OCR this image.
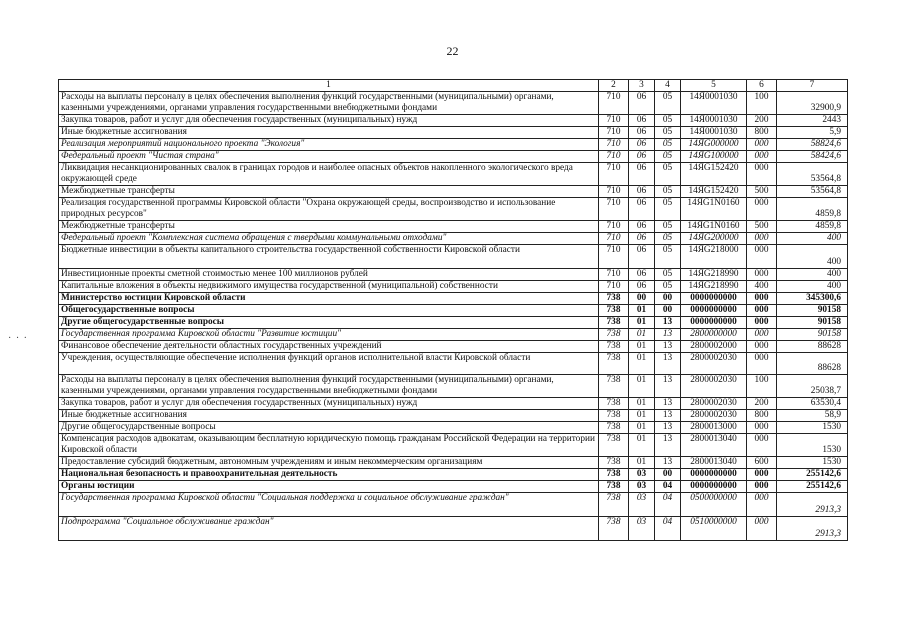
22
· · ·
1	2	3	4	5	6	7
Расходы на выплаты персоналу в целях обеспечения выполнения функций государственными (муниципальными) органами, казенными учреждениями, органами управления государственными внебюджетными фондами	710	06	05	14Я0001030	100	32900,9
Закупка товаров, работ и услуг для обеспечения государственных (муниципальных) нужд	710	06	05	14Я0001030	200	2443
Иные бюджетные ассигнования	710	06	05	14Я0001030	800	5,9
Реализация мероприятий национального проекта "Экология"	710	06	05	14ЯG000000	000	58824,6
Федеральный проект "Чистая страна"	710	06	05	14ЯG100000	000	58424,6
Ликвидация несанкционированных свалок в границах городов и наиболее опасных объектов накопленного экологического вреда окружающей среде	710	06	05	14ЯG152420	000	53564,8
Межбюджетные трансферты	710	06	05	14ЯG152420	500	53564,8
Реализация государственной программы Кировской области "Охрана окружающей среды, воспроизводство и использование природных ресурсов"	710	06	05	14ЯG1N0160	000	4859,8
Межбюджетные трансферты	710	06	05	14ЯG1N0160	500	4859,8
Федеральный проект "Комплексная система обращения с твердыми коммунальными отходами"	710	06	05	14ЯG200000	000	400
Бюджетные инвестиции в объекты капитального строительства государственной собственности Кировской области	710	06	05	14ЯG218000	000	400
Инвестиционные проекты сметной стоимостью менее 100 миллионов рублей	710	06	05	14ЯG218990	000	400
Капитальные вложения в объекты недвижимого имущества государственной (муниципальной) собственности	710	06	05	14ЯG218990	400	400
Министерство юстиции Кировской области	738	00	00	0000000000	000	345300,6
Общегосударственные вопросы	738	01	00	0000000000	000	90158
Другие общегосударственные вопросы	738	01	13	0000000000	000	90158
Государственная программа Кировской области "Развитие юстиции"	738	01	13	2800000000	000	90158
Финансовое обеспечение деятельности областных государственных учреждений	738	01	13	2800002000	000	88628
Учреждения, осуществляющие обеспечение исполнения функций органов исполнительной власти Кировской области	738	01	13	2800002030	000	88628
Расходы на выплаты персоналу в целях обеспечения выполнения функций государственными (муниципальными) органами, казенными учреждениями, органами управления государственными внебюджетными фондами	738	01	13	2800002030	100	25038,7
Закупка товаров, работ и услуг для обеспечения государственных (муниципальных) нужд	738	01	13	2800002030	200	63530,4
Иные бюджетные ассигнования	738	01	13	2800002030	800	58,9
Другие общегосударственные вопросы	738	01	13	2800013000	000	1530
Компенсация расходов адвокатам, оказывающим бесплатную юридическую помощь гражданам Российской Федерации на территории Кировской области	738	01	13	2800013040	000	1530
Предоставление субсидий бюджетным, автономным учреждениям и иным некоммерческим организациям	738	01	13	2800013040	600	1530
Национальная безопасность и правоохранительная деятельность	738	03	00	0000000000	000	255142,6
Органы юстиции	738	03	04	0000000000	000	255142,6
Государственная программа Кировской области "Социальная поддержка и социальное обслуживание граждан"	738	03	04	0500000000	000	2913,3
Подпрограмма "Социальное обслуживание граждан"	738	03	04	0510000000	000	2913,3
